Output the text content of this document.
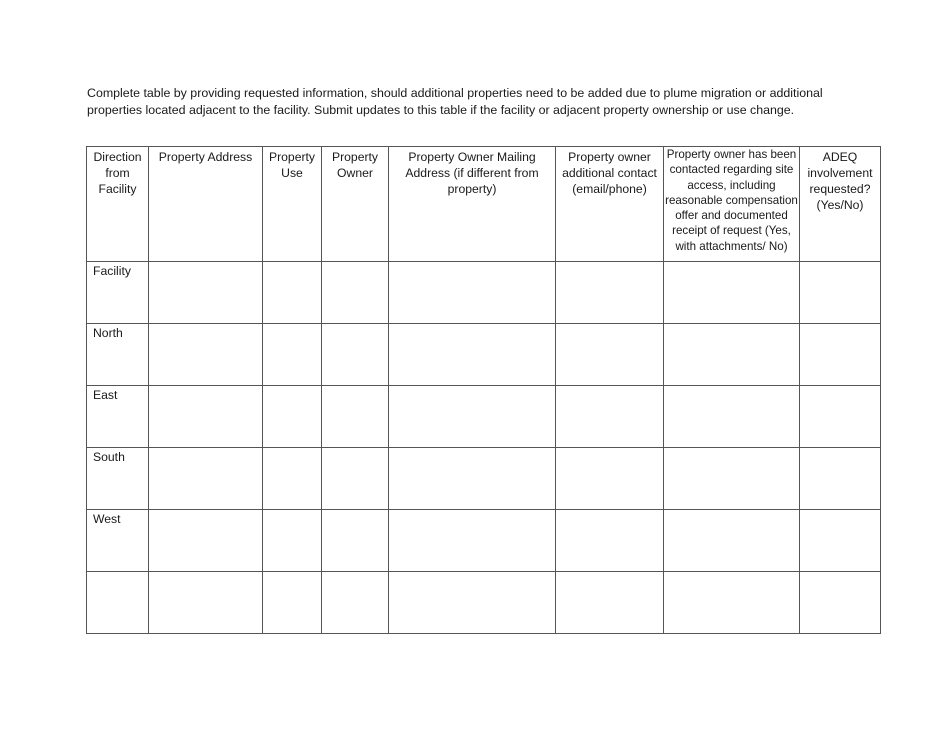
Complete table by providing requested information, should additional properties need to be added due to plume migration or additional properties located adjacent to the facility. Submit updates to this table if the facility or adjacent property ownership or use change.

Direction from Facility	Property Address	Property Use	Property Owner	Property Owner Mailing Address (if different from property)	Property owner additional contact (email/phone)	Property owner has been contacted regarding site access, including reasonable compensation offer and documented receipt of request (Yes, with attachments/ No)	ADEQ involvement requested? (Yes/No)
Facility							
North							
East							
South							
West							
